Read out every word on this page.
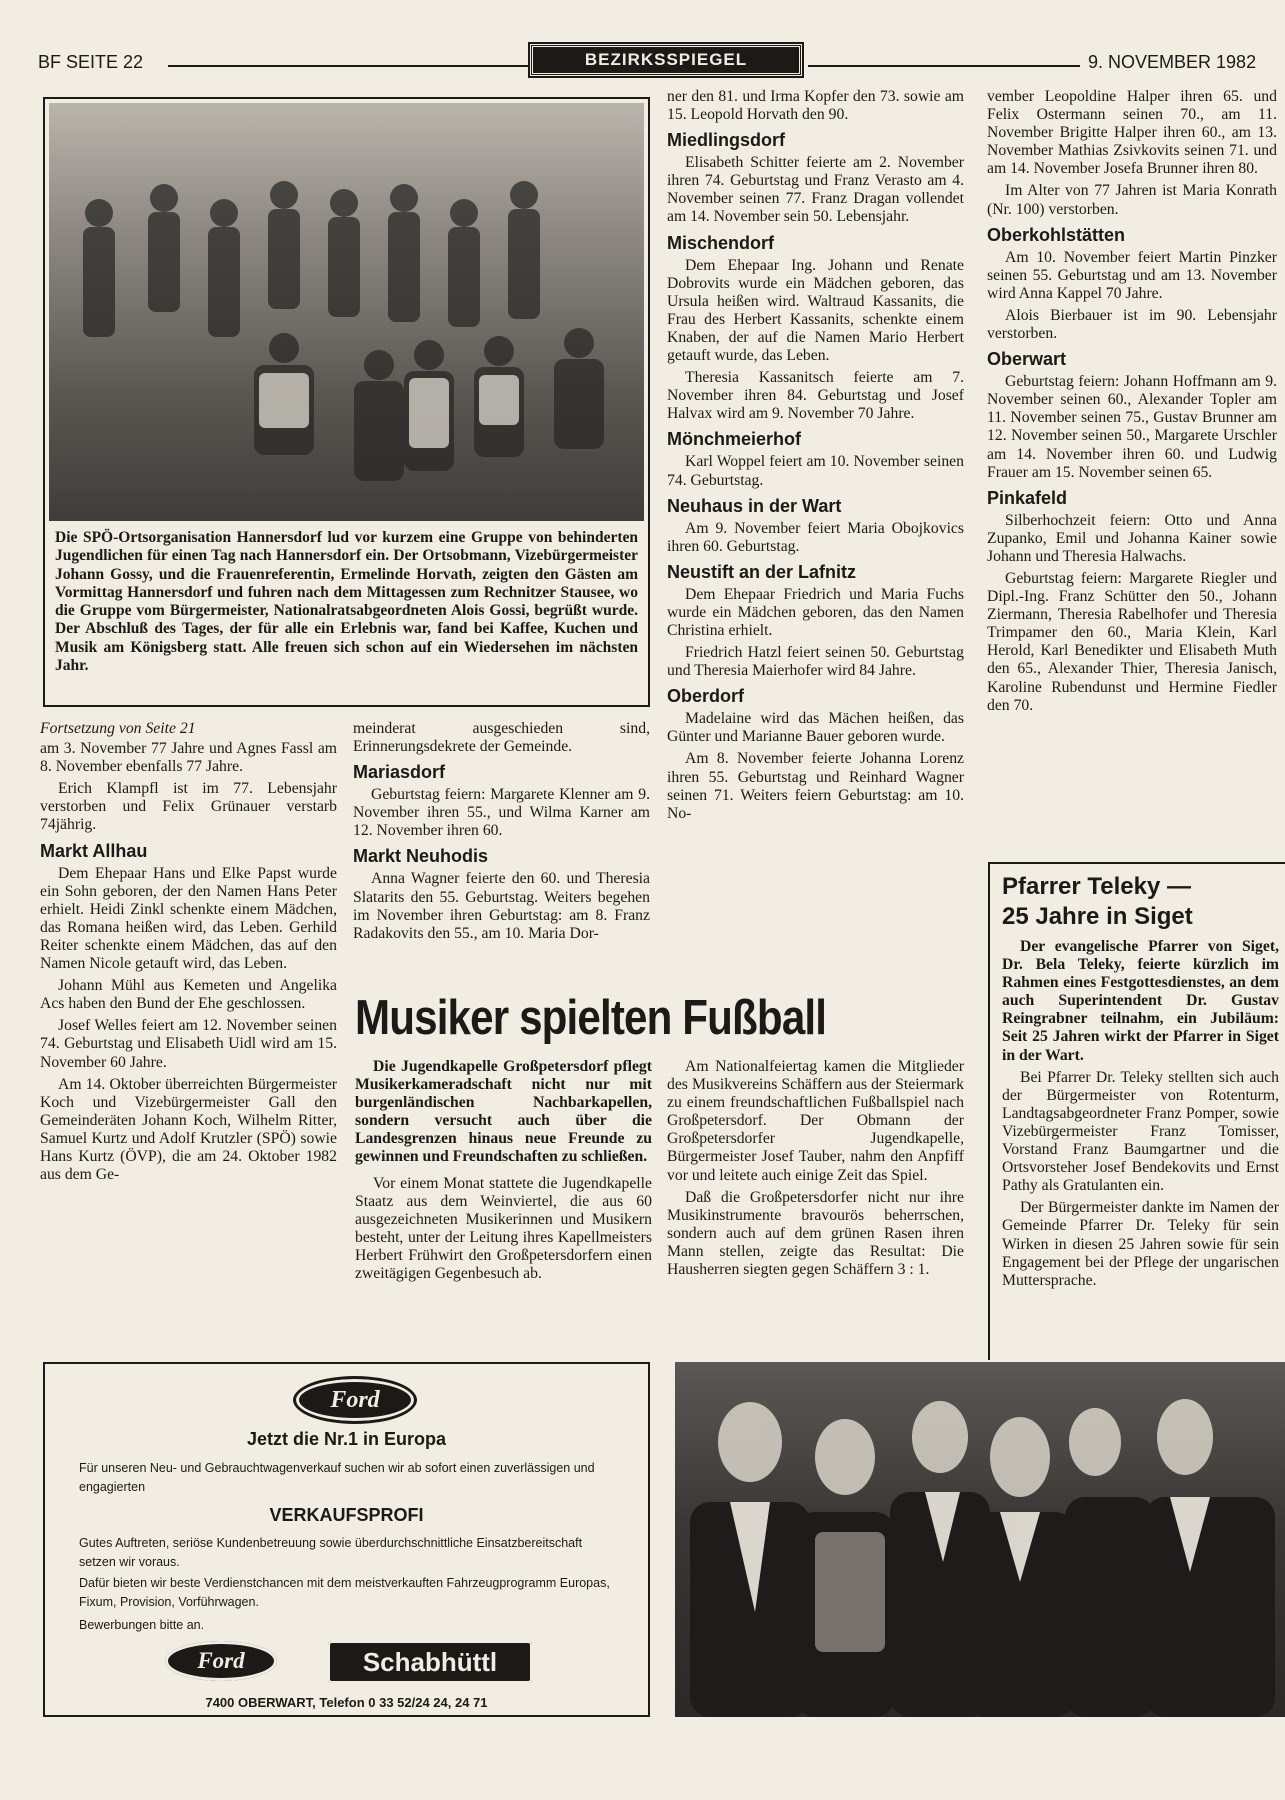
BF SEITE 22	BEZIRKSSPIEGEL	9. NOVEMBER 1982
Die SPÖ-Ortsorganisation Hannersdorf lud vor kurzem eine Gruppe von behinderten Jugendlichen für einen Tag nach Hannersdorf ein. Der Ortsobmann, Vizebürgermeister Johann Gossy, und die Frauenreferentin, Ermelinde Horvath, zeigten den Gästen am Vormittag Hannersdorf und fuhren nach dem Mittagessen zum Rechnitzer Stausee, wo die Gruppe vom Bürgermeister, Nationalratsabgeordneten Alois Gossi, begrüßt wurde. Der Abschluß des Tages, der für alle ein Erlebnis war, fand bei Kaffee, Kuchen und Musik am Königsberg statt. Alle freuen sich schon auf ein Wiedersehen im nächsten Jahr.

Fortsetzung von Seite 21

am 3. November 77 Jahre und Agnes Fassl am 8. November ebenfalls 77 Jahre.

Erich Klampfl ist im 77. Lebensjahr verstorben und Felix Grünauer verstarb 74jährig.

Markt Allhau

Dem Ehepaar Hans und Elke Papst wurde ein Sohn geboren, der den Namen Hans Peter erhielt. Heidi Zinkl schenkte einem Mädchen, das Romana heißen wird, das Leben. Gerhild Reiter schenkte einem Mädchen, das auf den Namen Nicole getauft wird, das Leben.

Johann Mühl aus Kemeten und Angelika Acs haben den Bund der Ehe geschlossen.

Josef Welles feiert am 12. November seinen 74. Geburtstag und Elisabeth Uidl wird am 15. November 60 Jahre.

Am 14. Oktober überreichten Bürgermeister Koch und Vizebürgermeister Gall den Gemeinderäten Johann Koch, Wilhelm Ritter, Samuel Kurtz und Adolf Krutzler (SPÖ) sowie Hans Kurtz (ÖVP), die am 24. Oktober 1982 aus dem Ge-

meinderat ausgeschieden sind, Erinnerungsdekrete der Gemeinde.

Mariasdorf

Geburtstag feiern: Margarete Klenner am 9. November ihren 55., und Wilma Karner am 12. November ihren 60.

Markt Neuhodis

Anna Wagner feierte den 60. und Theresia Slatarits den 55. Geburtstag. Weiters begehen im November ihren Geburtstag: am 8. Franz Radakovits den 55., am 10. Maria Dor-

ner den 81. und Irma Kopfer den 73. sowie am 15. Leopold Horvath den 90.

Miedlingsdorf

Elisabeth Schitter feierte am 2. November ihren 74. Geburtstag und Franz Verasto am 4. November seinen 77. Franz Dragan vollendet am 14. November sein 50. Lebensjahr.

Mischendorf

Dem Ehepaar Ing. Johann und Renate Dobrovits wurde ein Mädchen geboren, das Ursula heißen wird. Waltraud Kassanits, die Frau des Herbert Kassanits, schenkte einem Knaben, der auf die Namen Mario Herbert getauft wurde, das Leben.

Theresia Kassanitsch feierte am 7. November ihren 84. Geburtstag und Josef Halvax wird am 9. November 70 Jahre.

Mönchmeierhof

Karl Woppel feiert am 10. November seinen 74. Geburtstag.

Neuhaus in der Wart

Am 9. November feiert Maria Obojkovics ihren 60. Geburtstag.

Neustift an der Lafnitz

Dem Ehepaar Friedrich und Maria Fuchs wurde ein Mädchen geboren, das den Namen Christina erhielt.

Friedrich Hatzl feiert seinen 50. Geburtstag und Theresia Maierhofer wird 84 Jahre.

Oberdorf

Madelaine wird das Mächen heißen, das Günter und Marianne Bauer geboren wurde.

Am 8. November feierte Johanna Lorenz ihren 55. Geburtstag und Reinhard Wagner seinen 71. Weiters feiern Geburtstag: am 10. No-

vember Leopoldine Halper ihren 65. und Felix Ostermann seinen 70., am 11. November Brigitte Halper ihren 60., am 13. November Mathias Zsivkovits seinen 71. und am 14. November Josefa Brunner ihren 80.

Im Alter von 77 Jahren ist Maria Konrath (Nr. 100) verstorben.

Oberkohlstätten

Am 10. November feiert Martin Pinzker seinen 55. Geburtstag und am 13. November wird Anna Kappel 70 Jahre.

Alois Bierbauer ist im 90. Lebensjahr verstorben.

Oberwart

Geburtstag feiern: Johann Hoffmann am 9. November seinen 60., Alexander Topler am 11. November seinen 75., Gustav Brunner am 12. November seinen 50., Margarete Urschler am 14. November ihren 60. und Ludwig Frauer am 15. November seinen 65.

Pinkafeld

Silberhochzeit feiern: Otto und Anna Zupanko, Emil und Johanna Kainer sowie Johann und Theresia Halwachs.

Geburtstag feiern: Margarete Riegler und Dipl.-Ing. Franz Schütter den 50., Johann Ziermann, Theresia Rabelhofer und Theresia Trimpamer den 60., Maria Klein, Karl Herold, Karl Benedikter und Elisabeth Muth den 65., Alexander Thier, Theresia Janisch, Karoline Rubendunst und Hermine Fiedler den 70.

Pfarrer Teleky —
25 Jahre in Siget

Der evangelische Pfarrer von Siget, Dr. Bela Teleky, feierte kürzlich im Rahmen eines Festgottesdienstes, an dem auch Superintendent Dr. Gustav Reingrabner teilnahm, ein Jubiläum: Seit 25 Jahren wirkt der Pfarrer in Siget in der Wart.

Bei Pfarrer Dr. Teleky stellten sich auch der Bürgermeister von Rotenturm, Landtagsabgeordneter Franz Pomper, sowie Vizebürgermeister Franz Tomisser, Vorstand Franz Baumgartner und die Ortsvorsteher Josef Bendekovits und Ernst Pathy als Gratulanten ein.

Der Bürgermeister dankte im Namen der Gemeinde Pfarrer Dr. Teleky für sein Wirken in diesen 25 Jahren sowie für sein Engagement bei der Pflege der ungarischen Muttersprache.

Musiker spielten Fußball

Die Jugendkapelle Großpetersdorf pflegt Musikerkameradschaft nicht nur mit burgenländischen Nachbarkapellen, sondern versucht auch über die Landesgrenzen hinaus neue Freunde zu gewinnen und Freundschaften zu schließen.

Vor einem Monat stattete die Jugendkapelle Staatz aus dem Weinviertel, die aus 60 ausgezeichneten Musikerinnen und Musikern besteht, unter der Leitung ihres Kapellmeisters Herbert Frühwirt den Großpetersdorfern einen zweitägigen Gegenbesuch ab.

Am Nationalfeiertag kamen die Mitglieder des Musikvereins Schäffern aus der Steiermark zu einem freundschaftlichen Fußballspiel nach Großpetersdorf. Der Obmann der Großpetersdorfer Jugendkapelle, Bürgermeister Josef Tauber, nahm den Anpfiff vor und leitete auch einige Zeit das Spiel.

Daß die Großpetersdorfer nicht nur ihre Musikinstrumente bravourös beherrschen, sondern auch auf dem grünen Rasen ihren Mann stellen, zeigte das Resultat: Die Hausherren siegten gegen Schäffern 3 : 1.

Ford
Jetzt die Nr.1 in Europa
Für unseren Neu- und Gebrauchtwagenverkauf suchen wir ab sofort einen zuverlässigen und engagierten
VERKAUFSPROFI
Gutes Auftreten, seriöse Kundenbetreuung sowie überdurchschnittliche Einsatzbereitschaft setzen wir voraus.
Dafür bieten wir beste Verdienstchancen mit dem meistverkauften Fahrzeugprogramm Europas, Fixum, Provision, Vorführwagen.
Bewerbungen bitte an.
Ford	Schabhüttl
7400 OBERWART, Telefon 0 33 52/24 24, 24 71
